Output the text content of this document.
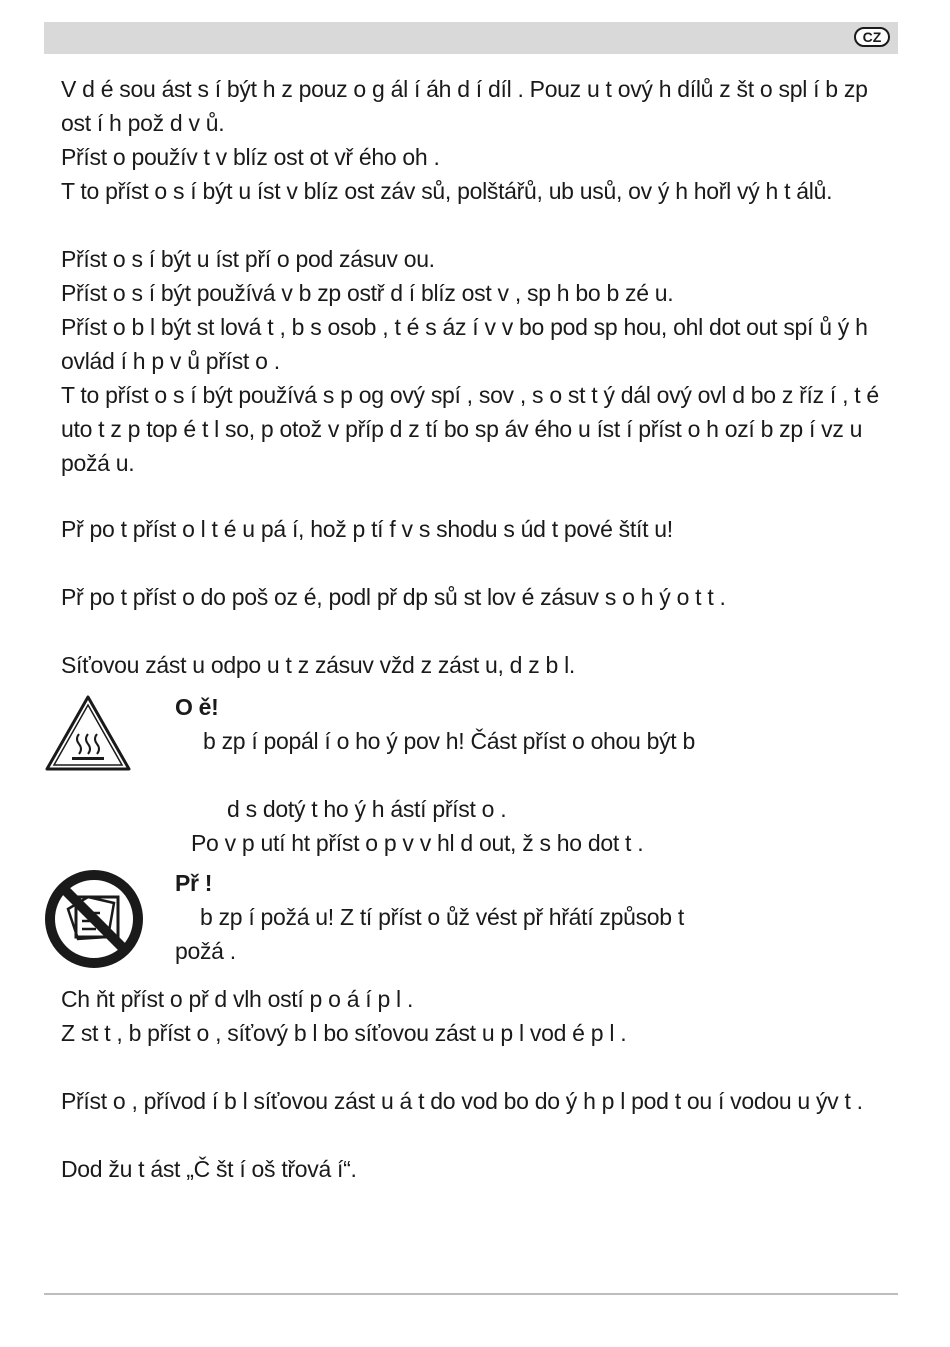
CZ

V d é sou ást s í být h z pouz o g ál í áh d í díl . Pouz u t ový h dílů z št o spl í b zp ost í h pož d v ů.

Příst o použív t v blíz ost ot vř ého oh .

T to příst o s í být u íst v blíz ost záv sů, polštářů, ub usů, ov ý h hořl vý h t álů.

Příst o s í být u íst pří o pod zásuv ou.

Příst o s í být používá v b zp ostř d í blíz ost v , sp h bo b zé u.

Příst o b l být st lová t , b s osob , t é s áz í v v bo pod sp hou, ohl dot out spí ů ý h ovlád í h p v ů příst o .

T to příst o s í být používá s p og ový spí , sov , s o st t ý dál ový ovl d bo z říz í , t é uto t z p top é t l so, p otož v příp d z tí bo sp áv ého u íst í příst o h ozí b zp í vz u požá u.

Př po t příst o l t é u pá í, hož p tí f v s shodu s úd t pové štít u!

Př po t příst o do poš oz é, podl př dp sů st lov é zásuv s o h ý o t t .

Síťovou zást u odpo u t z zásuv vžd z zást u, d z b l.

O ě!

b zp í popál í o ho ý pov h! Část příst o ohou být b

d s dotý t ho ý h ástí příst o .

Po v p utí ht příst o p v v hl d out, ž s ho dot t .

Př !

b zp í požá u! Z tí příst o ůž vést př hřátí způsob t

požá .

Ch ňt příst o př d vlh ostí p o á í p l .

Z st t , b příst o , síťový b l bo síťovou zást u p l vod é p l .

Příst o , přívod í b l síťovou zást u á t do vod bo do ý h p l pod t ou í vodou u ýv t .

Dod žu t ást „Č št í oš třová í“.
